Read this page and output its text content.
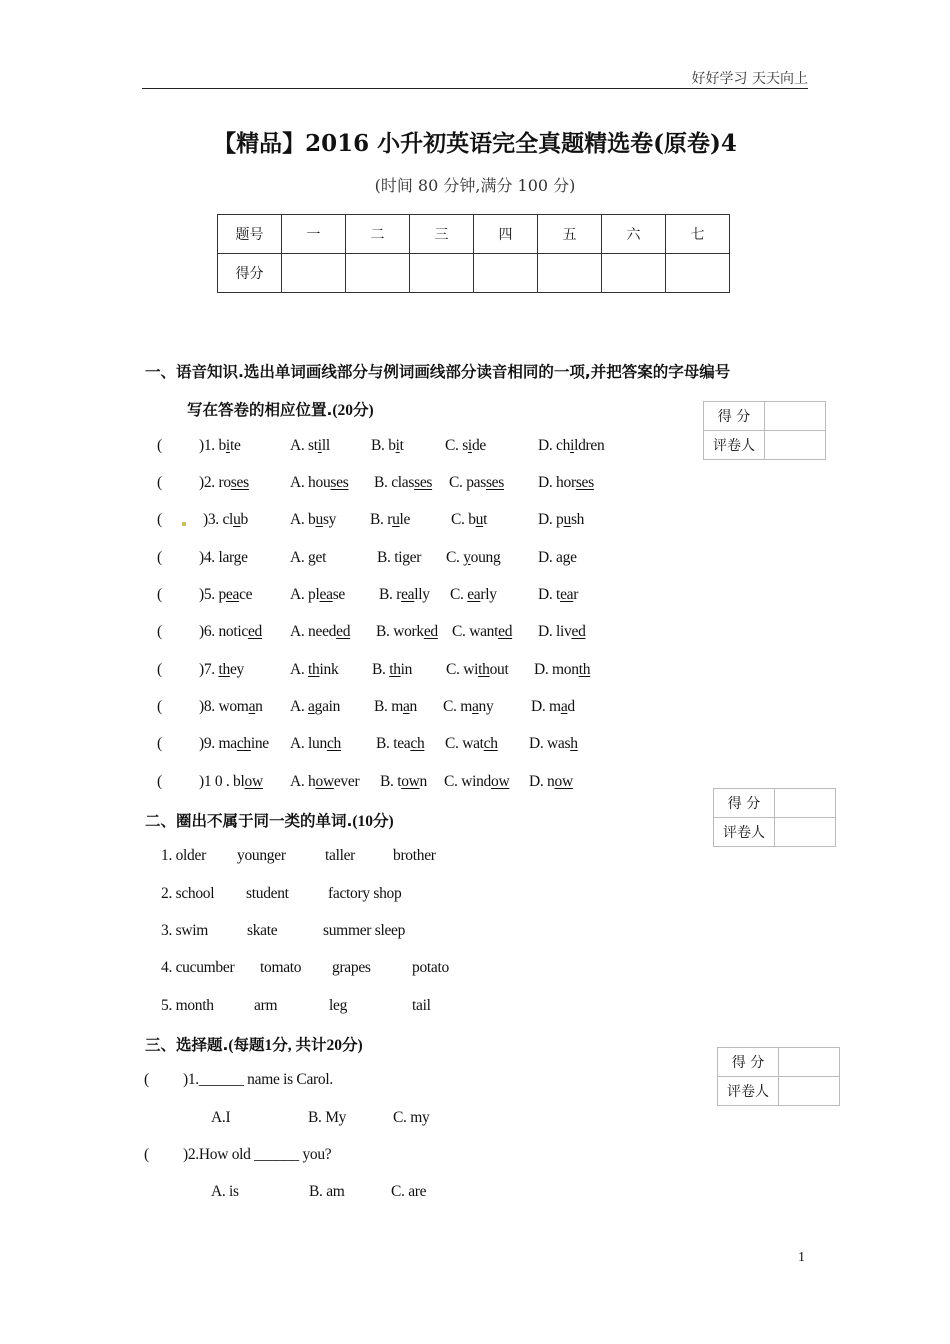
好好学习 天天向上
【精品】2016 小升初英语完全真题精选卷(原卷)4
(时间 80 分钟,满分 100 分)
题号	一	二	三	四	五	六	七
得分							
一、语音知识.选出单词画线部分与例词画线部分读音相同的一项,并把答案的字母编号
写在答卷的相应位置.(20分)	得 分	
评卷人	
( )1. bite	A. still	B. bit	C. side	D. children
( )2. roses	A. houses B. classes C. passes D. horses
(	)3. club	A. busy B. rule	C. but	D. push
( )4. large	A. get	B. tiger C. young D. age
( )5. peace A. please B. really C. early	D. tear
( )6. noticed A. needed B. worked C. wanted D. lived
( )7. they	A. think B. thin C. without D. month
( )8. woman A. again B. man C. many D. mad
( )9. machine A. lunch B. teach C. watch D. wash
( )1 0 . blow A. however B. town C. window D. now
二、圈出不属于同一类的单词.(10分)
得 分	
评卷人	
1. older younger	taller brother
2. school student	factory shop
3. swim	skate	summer sleep
4. cucumber tomato grapes	potato
5. month	arm	leg	tail
三、选择题.(每题1分, 共计20分)
得 分	
评卷人	
( )1.______ name is Carol.
A.I	B. My	C. my
( )2.How old ______ you?
A. is	B. am	C. are
1
